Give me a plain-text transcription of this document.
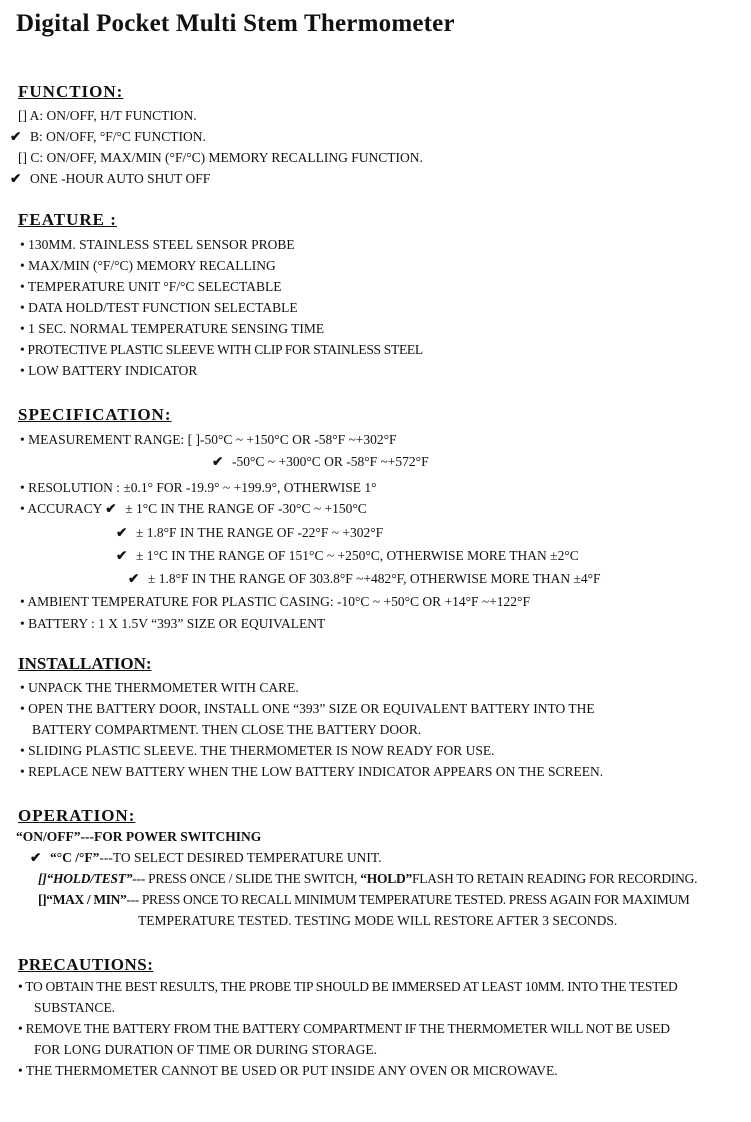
Digital Pocket Multi Stem Thermometer
FUNCTION:
[] A: ON/OFF, H/T FUNCTION.
✔ B: ON/OFF, °F/°C FUNCTION.
[] C: ON/OFF, MAX/MIN (°F/°C) MEMORY RECALLING FUNCTION.
✔ ONE -HOUR AUTO SHUT OFF
FEATURE :
• 130MM. STAINLESS STEEL SENSOR PROBE
• MAX/MIN (°F/°C) MEMORY RECALLING
• TEMPERATURE UNIT °F/°C SELECTABLE
• DATA HOLD/TEST FUNCTION SELECTABLE
• 1 SEC. NORMAL TEMPERATURE SENSING TIME
• PROTECTIVE PLASTIC SLEEVE WITH CLIP FOR STAINLESS STEEL
• LOW BATTERY INDICATOR
SPECIFICATION:
• MEASUREMENT RANGE: [ ]-50°C ~ +150°C OR -58°F ~+302°F
✔ -50°C ~ +300°C OR -58°F ~+572°F
• RESOLUTION : ±0.1° FOR -19.9° ~ +199.9°, OTHERWISE 1°
• ACCURACY ✔ ± 1°C IN THE RANGE OF -30°C ~ +150°C
✔ ± 1.8°F IN THE RANGE OF -22°F ~ +302°F
✔ ± 1°C IN THE RANGE OF 151°C ~ +250°C, OTHERWISE MORE THAN ±2°C
✔ ± 1.8°F IN THE RANGE OF 303.8°F ~+482°F, OTHERWISE MORE THAN ±4°F
• AMBIENT TEMPERATURE FOR PLASTIC CASING: -10°C ~ +50°C OR +14°F ~+122°F
• BATTERY : 1 X 1.5V “393” SIZE OR EQUIVALENT
INSTALLATION:
• UNPACK THE THERMOMETER WITH CARE.
• OPEN THE BATTERY DOOR, INSTALL ONE “393” SIZE OR EQUIVALENT BATTERY INTO THE
BATTERY COMPARTMENT. THEN CLOSE THE BATTERY DOOR.
• SLIDING PLASTIC SLEEVE. THE THERMOMETER IS NOW READY FOR USE.
• REPLACE NEW BATTERY WHEN THE LOW BATTERY INDICATOR APPEARS ON THE SCREEN.
OPERATION:
“ON/OFF”---FOR POWER SWITCHING
✔ “°C /°F”---TO SELECT DESIRED TEMPERATURE UNIT.
[]“HOLD/TEST”--- PRESS ONCE / SLIDE THE SWITCH, “HOLD”FLASH TO RETAIN READING FOR RECORDING.
[]“MAX / MIN”--- PRESS ONCE TO RECALL MINIMUM TEMPERATURE TESTED. PRESS AGAIN FOR MAXIMUM
TEMPERATURE TESTED. TESTING MODE WILL RESTORE AFTER 3 SECONDS.
PRECAUTIONS:
• TO OBTAIN THE BEST RESULTS, THE PROBE TIP SHOULD BE IMMERSED AT LEAST 10MM. INTO THE TESTED
SUBSTANCE.
• REMOVE THE BATTERY FROM THE BATTERY COMPARTMENT IF THE THERMOMETER WILL NOT BE USED
FOR LONG DURATION OF TIME OR DURING STORAGE.
• THE THERMOMETER CANNOT BE USED OR PUT INSIDE ANY OVEN OR MICROWAVE.
